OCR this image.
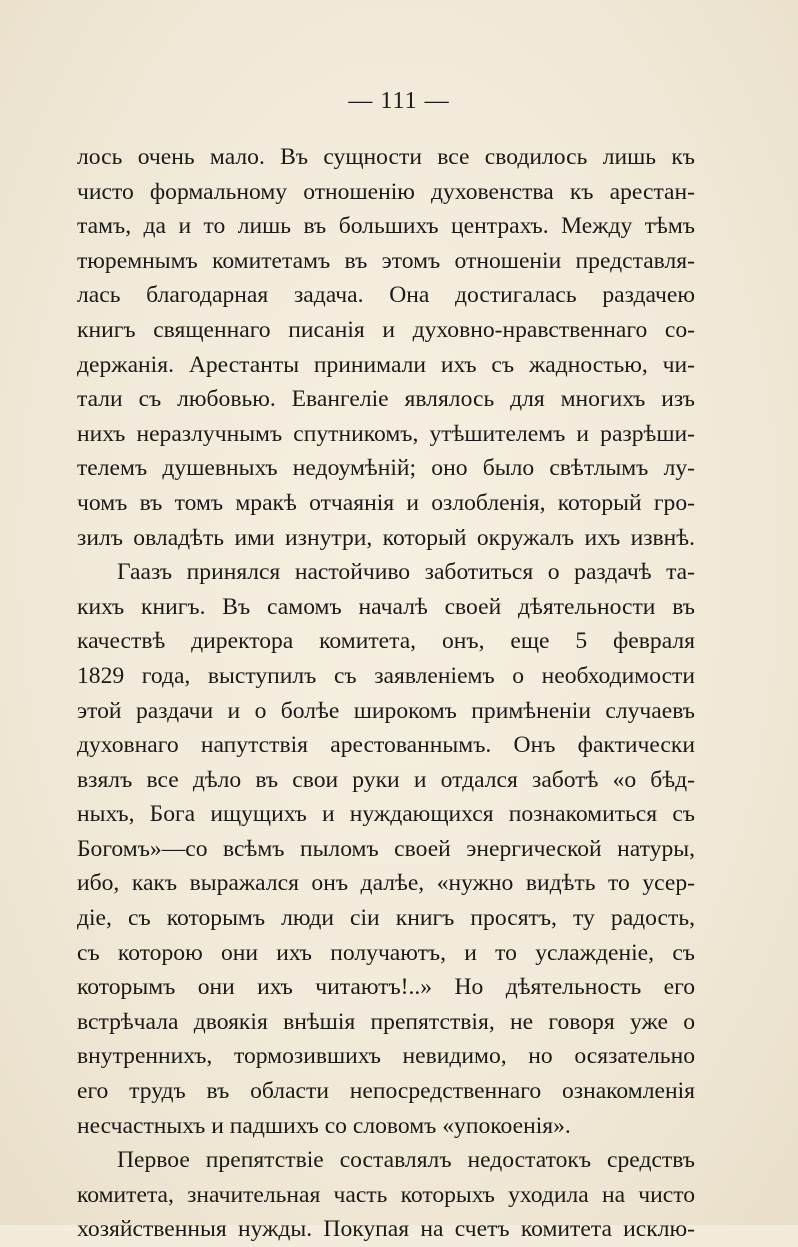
— 111 —
лось очень мало. Въ сущности все сводилось лишь къ
чисто формальному отношенію духовенства къ арестан-
тамъ, да и то лишь въ большихъ центрахъ. Между тѣмъ
тюремнымъ комитетамъ въ этомъ отношеніи представля-
лась благодарная задача. Она достигалась раздачею
книгъ священнаго писанія и духовно-нравственнаго со-
держанія. Арестанты принимали ихъ съ жадностью, чи-
тали съ любовью. Евангеліе являлось для многихъ изъ
нихъ неразлучнымъ спутникомъ, утѣшителемъ и разрѣши-
телемъ душевныхъ недоумѣній; оно было свѣтлымъ лу-
чомъ въ томъ мракѣ отчаянія и озлобленія, который гро-
зилъ овладѣть ими изнутри, который окружалъ ихъ извнѣ.
Гаазъ принялся настойчиво заботиться о раздачѣ та-
кихъ книгъ. Въ самомъ началѣ своей дѣятельности въ
качествѣ директора комитета, онъ, еще 5 февраля
1829 года, выступилъ съ заявленіемъ о необходимости
этой раздачи и о болѣе широкомъ примѣненіи случаевъ
духовнаго напутствія арестованнымъ. Онъ фактически
взялъ все дѣло въ свои руки и отдался заботѣ «о бѣд-
ныхъ, Бога ищущихъ и нуждающихся познакомиться съ
Богомъ»—со всѣмъ пыломъ своей энергической натуры,
ибо, какъ выражался онъ далѣе, «нужно видѣть то усер-
діе, съ которымъ люди сіи книгъ просятъ, ту радость,
съ которою они ихъ получаютъ, и то услажденіе, съ
которымъ они ихъ читаютъ!..» Но дѣятельность его
встрѣчала двоякія внѣшія препятствія, не говоря уже о
внутреннихъ, тормозившихъ невидимо, но осязательно
его трудъ въ области непосредственнаго ознакомленія
несчастныхъ и падшихъ со словомъ «упокоенія».
Первое препятствіе составлялъ недостатокъ средствъ
комитета, значительная часть которыхъ уходила на чисто
хозяйственныя нужды. Покупая на счетъ комитета исклю-
